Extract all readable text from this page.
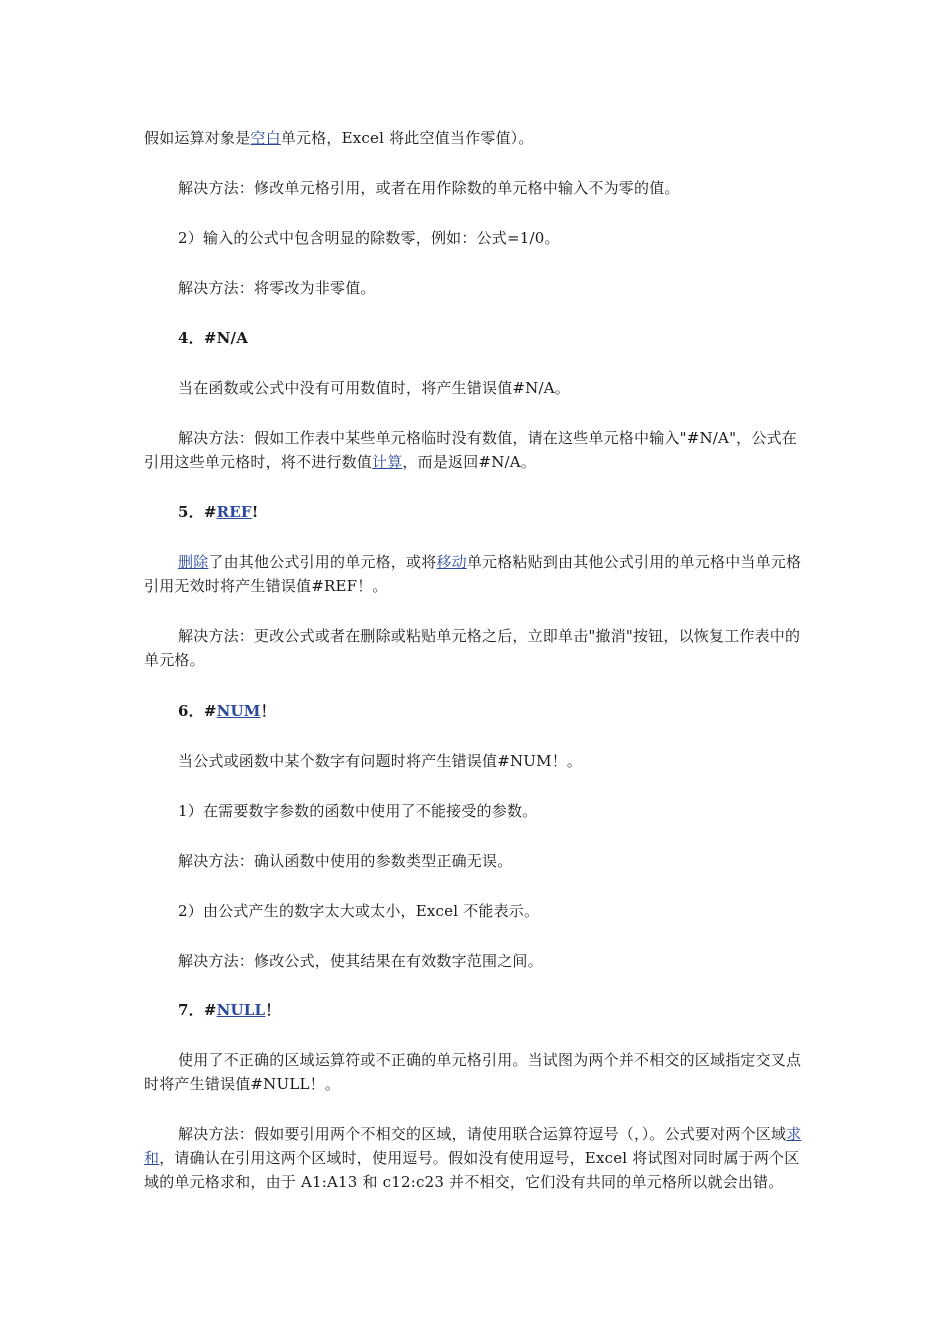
假如运算对象是空白单元格，Excel 将此空值当作零值）。

解决方法：修改单元格引用，或者在用作除数的单元格中输入不为零的值。

2）输入的公式中包含明显的除数零，例如：公式=1/0。

解决方法：将零改为非零值。

4．#N/A

当在函数或公式中没有可用数值时，将产生错误值#N/A。

解决方法：假如工作表中某些单元格临时没有数值，请在这些单元格中输入"#N/A"，公式在引用这些单元格时，将不进行数值计算，而是返回#N/A。

5．#REF!

删除了由其他公式引用的单元格，或将移动单元格粘贴到由其他公式引用的单元格中当单元格引用无效时将产生错误值#REF！。

解决方法：更改公式或者在删除或粘贴单元格之后，立即单击"撤消"按钮，以恢复工作表中的单元格。

6．#NUM！

当公式或函数中某个数字有问题时将产生错误值#NUM！。

1）在需要数字参数的函数中使用了不能接受的参数。

解决方法：确认函数中使用的参数类型正确无误。

2）由公式产生的数字太大或太小，Excel 不能表示。

解决方法：修改公式，使其结果在有效数字范围之间。

7．#NULL！

使用了不正确的区域运算符或不正确的单元格引用。当试图为两个并不相交的区域指定交叉点时将产生错误值#NULL！。

解决方法：假如要引用两个不相交的区域，请使用联合运算符逗号（，）。公式要对两个区域求和，请确认在引用这两个区域时，使用逗号。假如没有使用逗号，Excel 将试图对同时属于两个区域的单元格求和，由于 A1:A13 和 c12:c23 并不相交，它们没有共同的单元格所以就会出错。
